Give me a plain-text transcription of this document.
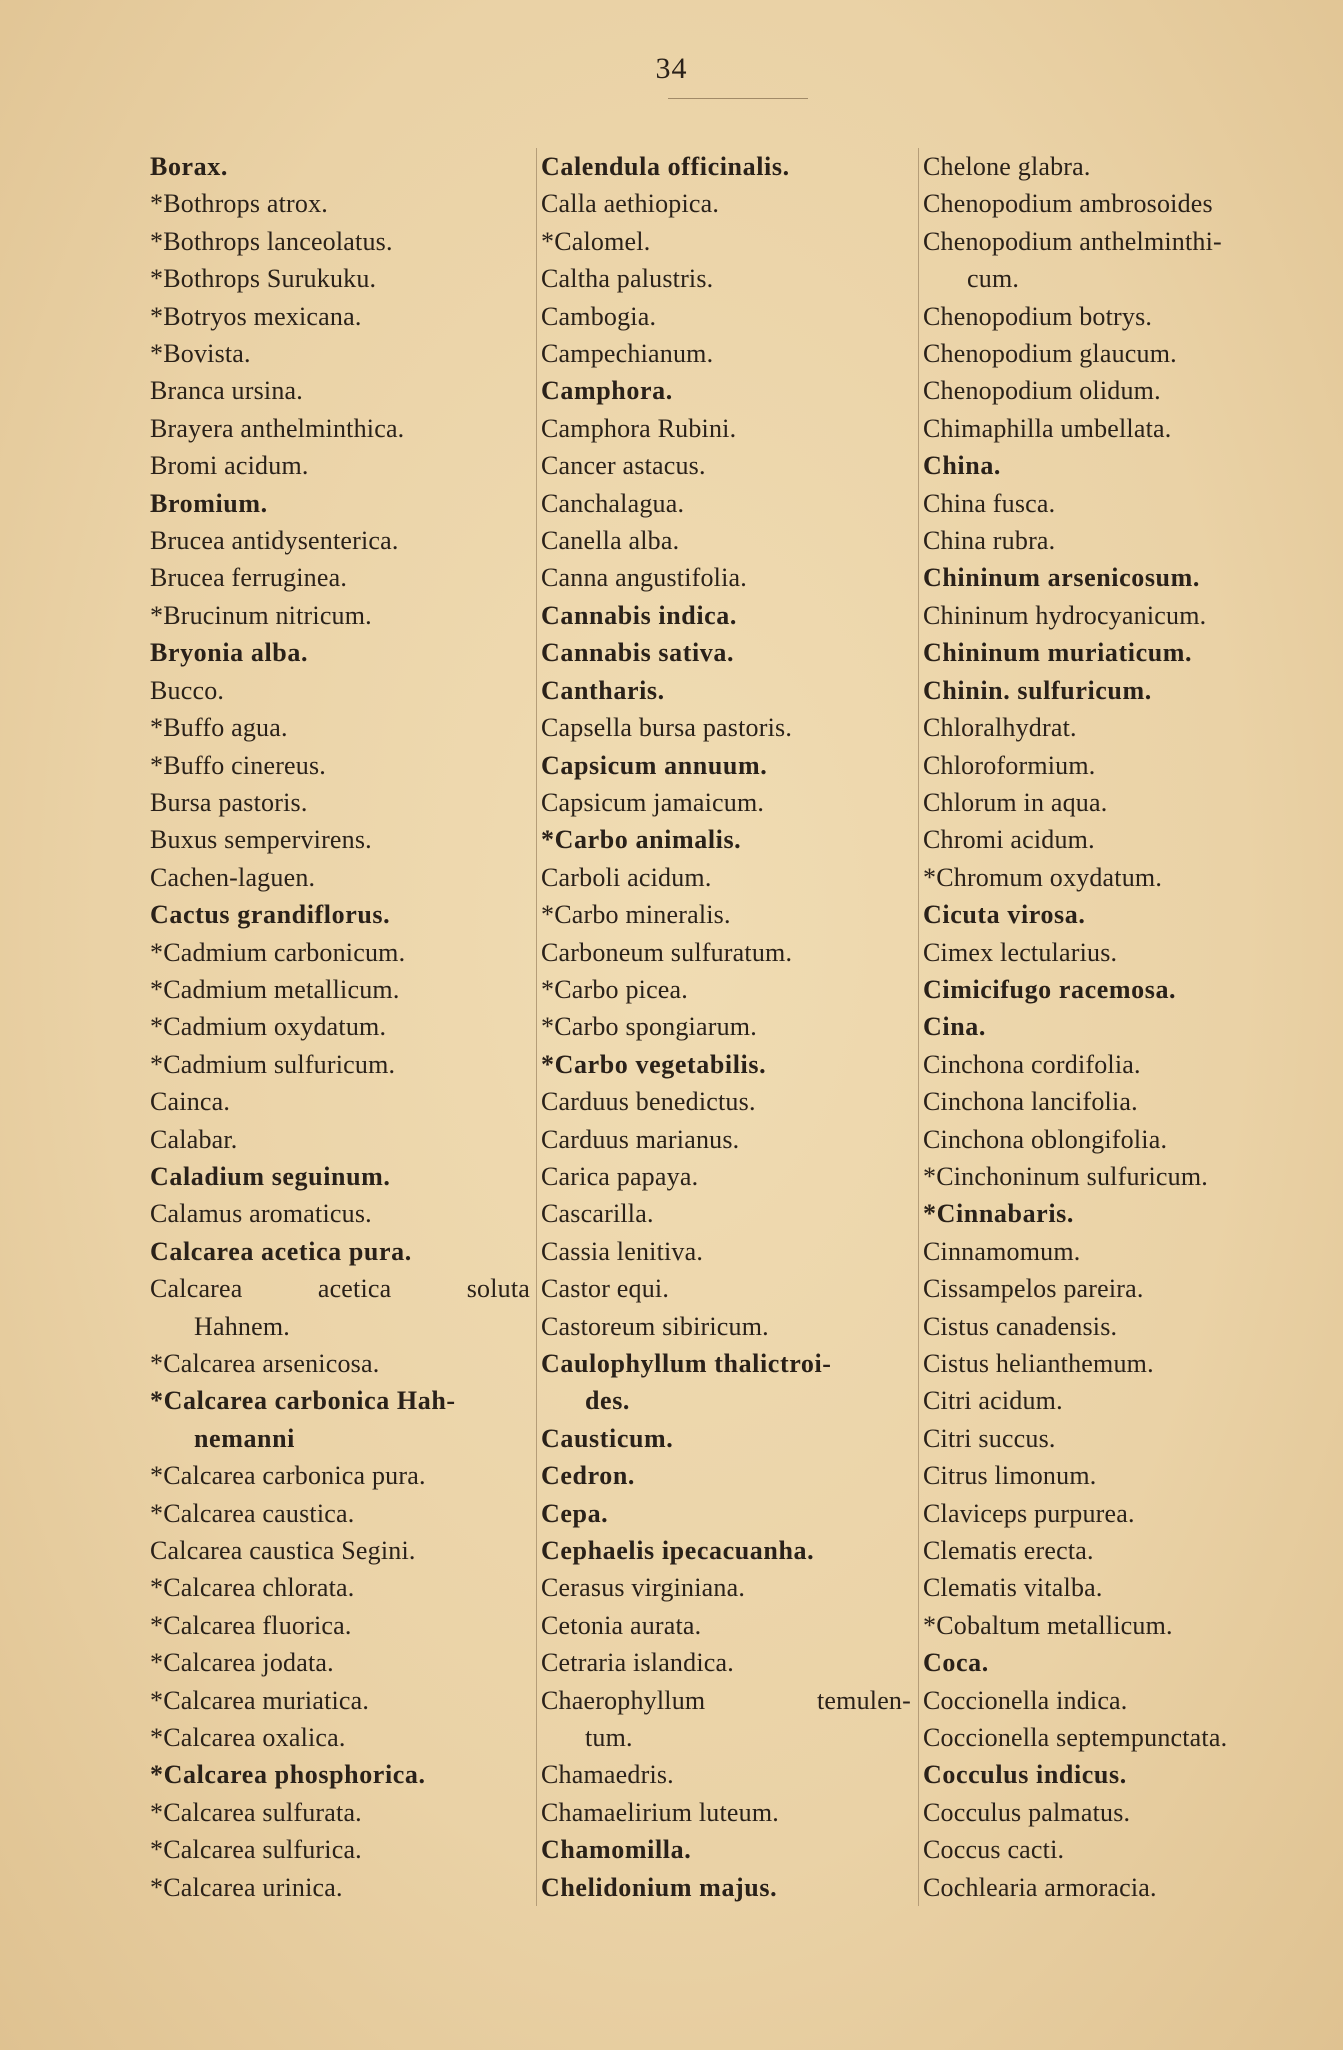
34
Borax.
*Bothrops atrox.
*Bothrops lanceolatus.
*Bothrops Surukuku.
*Botryos mexicana.
*Bovista.
Branca ursina.
Brayera anthelminthica.
Bromi acidum.
Bromium.
Brucea antidysenterica.
Brucea ferruginea.
*Brucinum nitricum.
Bryonia alba.
Bucco.
*Buffo agua.
*Buffo cinereus.
Bursa pastoris.
Buxus sempervirens.
Cachen-laguen.
Cactus grandiflorus.
*Cadmium carbonicum.
*Cadmium metallicum.
*Cadmium oxydatum.
*Cadmium sulfuricum.
Cainca.
Calabar.
Caladium seguinum.
Calamus aromaticus.
Calcarea acetica pura.
Calcarea	acetica	soluta
Hahnem.
*Calcarea arsenicosa.
*Calcarea carbonica Hah-
nemanni
*Calcarea carbonica pura.
*Calcarea caustica.
Calcarea caustica Segini.
*Calcarea chlorata.
*Calcarea fluorica.
*Calcarea jodata.
*Calcarea muriatica.
*Calcarea oxalica.
*Calcarea phosphorica.
*Calcarea sulfurata.
*Calcarea sulfurica.
*Calcarea urinica.
Calendula officinalis.
Calla aethiopica.
*Calomel.
Caltha palustris.
Cambogia.
Campechianum.
Camphora.
Camphora Rubini.
Cancer astacus.
Canchalagua.
Canella alba.
Canna angustifolia.
Cannabis indica.
Cannabis sativa.
Cantharis.
Capsella bursa pastoris.
Capsicum annuum.
Capsicum jamaicum.
*Carbo animalis.
Carboli acidum.
*Carbo mineralis.
Carboneum sulfuratum.
*Carbo picea.
*Carbo spongiarum.
*Carbo vegetabilis.
Carduus benedictus.
Carduus marianus.
Carica papaya.
Cascarilla.
Cassia lenitiva.
Castor equi.
Castoreum sibiricum.
Caulophyllum thalictroi-
des.
Causticum.
Cedron.
Cepa.
Cephaelis ipecacuanha.
Cerasus virginiana.
Cetonia aurata.
Cetraria islandica.
Chaerophyllum	temulen-
tum.
Chamaedris.
Chamaelirium luteum.
Chamomilla.
Chelidonium majus.
Chelone glabra.
Chenopodium ambrosoides
Chenopodium anthelminthi-
cum.
Chenopodium botrys.
Chenopodium glaucum.
Chenopodium olidum.
Chimaphilla umbellata.
China.
China fusca.
China rubra.
Chininum arsenicosum.
Chininum hydrocyanicum.
Chininum muriaticum.
Chinin. sulfuricum.
Chloralhydrat.
Chloroformium.
Chlorum in aqua.
Chromi acidum.
*Chromum oxydatum.
Cicuta virosa.
Cimex lectularius.
Cimicifugo racemosa.
Cina.
Cinchona cordifolia.
Cinchona lancifolia.
Cinchona oblongifolia.
*Cinchoninum sulfuricum.
*Cinnabaris.
Cinnamomum.
Cissampelos pareira.
Cistus canadensis.
Cistus helianthemum.
Citri acidum.
Citri succus.
Citrus limonum.
Claviceps purpurea.
Clematis erecta.
Clematis vitalba.
*Cobaltum metallicum.
Coca.
Coccionella indica.
Coccionella septempunctata.
Cocculus indicus.
Cocculus palmatus.
Coccus cacti.
Cochlearia armoracia.
